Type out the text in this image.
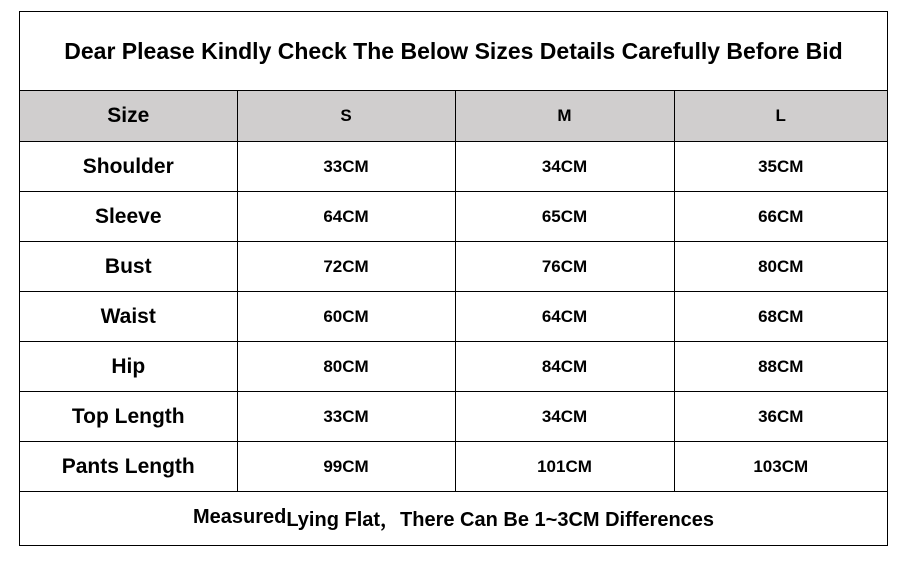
Dear Please Kindly Check The Below Sizes Details Carefully Before Bid
Size	S	M	L
Shoulder	33CM	34CM	35CM
Sleeve	64CM	65CM	66CM
Bust	72CM	76CM	80CM
Waist	60CM	64CM	68CM
Hip	80CM	84CM	88CM
Top Length	33CM	34CM	36CM
Pants Length	99CM	101CM	103CM
Measured Lying Flat，There Can Be 1~3CM Differences
